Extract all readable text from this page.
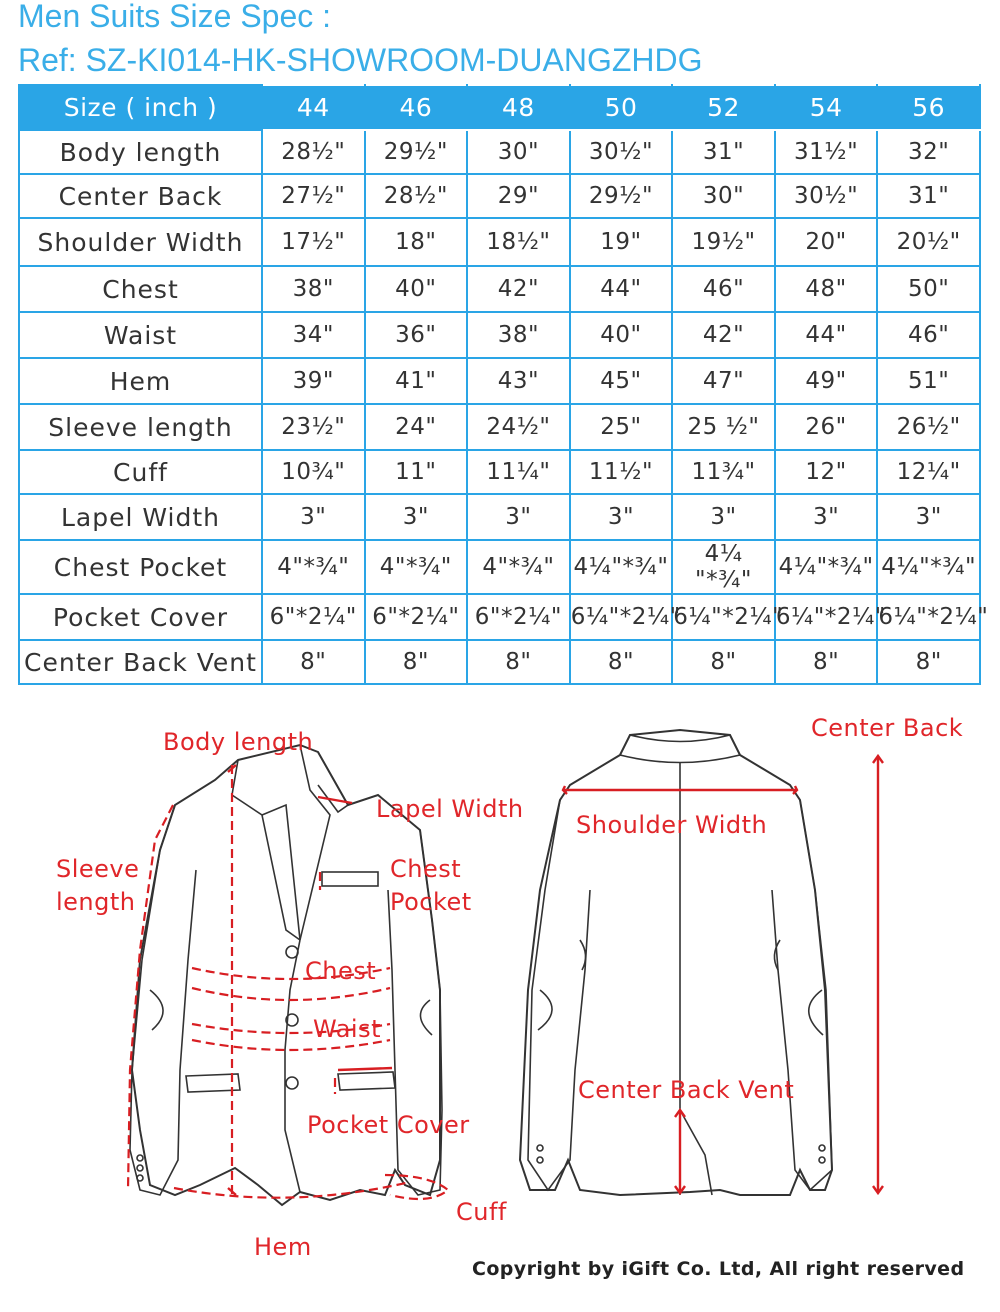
Men Suits Size Spec :
Ref: SZ-KI014-HK-SHOWROOM-DUANGZHDG
Size ( inch )	44	46	48	50	52	54	56
Body length	28½"	29½"	30"	30½"	31"	31½"	32"
Center Back	27½"	28½"	29"	29½"	30"	30½"	31"
Shoulder Width	17½"	18"	18½"	19"	19½"	20"	20½"
Chest	38"	40"	42"	44"	46"	48"	50"
Waist	34"	36"	38"	40"	42"	44"	46"
Hem	39"	41"	43"	45"	47"	49"	51"
Sleeve length	23½"	24"	24½"	25"	25 ½"	26"	26½"
Cuff	10¾"	11"	11¼"	11½"	11¾"	12"	12¼"
Lapel Width	3"	3"	3"	3"	3"	3"	3"
Chest Pocket	4"*¾"	4"*¾"	4"*¾"	4¼"*¾"	4¼ "*¾"	4¼"*¾"	4¼"*¾"
Pocket Cover	6"*2¼"	6"*2¼"	6"*2¼"	6¼"*2¼"	6¼"*2¼"	6¼"*2¼"	6¼"*2¼"
Center Back Vent	8"	8"	8"	8"	8"	8"	8"
Body length
Lapel Width
Sleeve
length
Chest
Pocket
Chest
Waist
Pocket Cover
Cuff
Hem
Center Back
Shoulder Width
Center Back Vent
Copyright by iGift Co. Ltd, All right reserved
